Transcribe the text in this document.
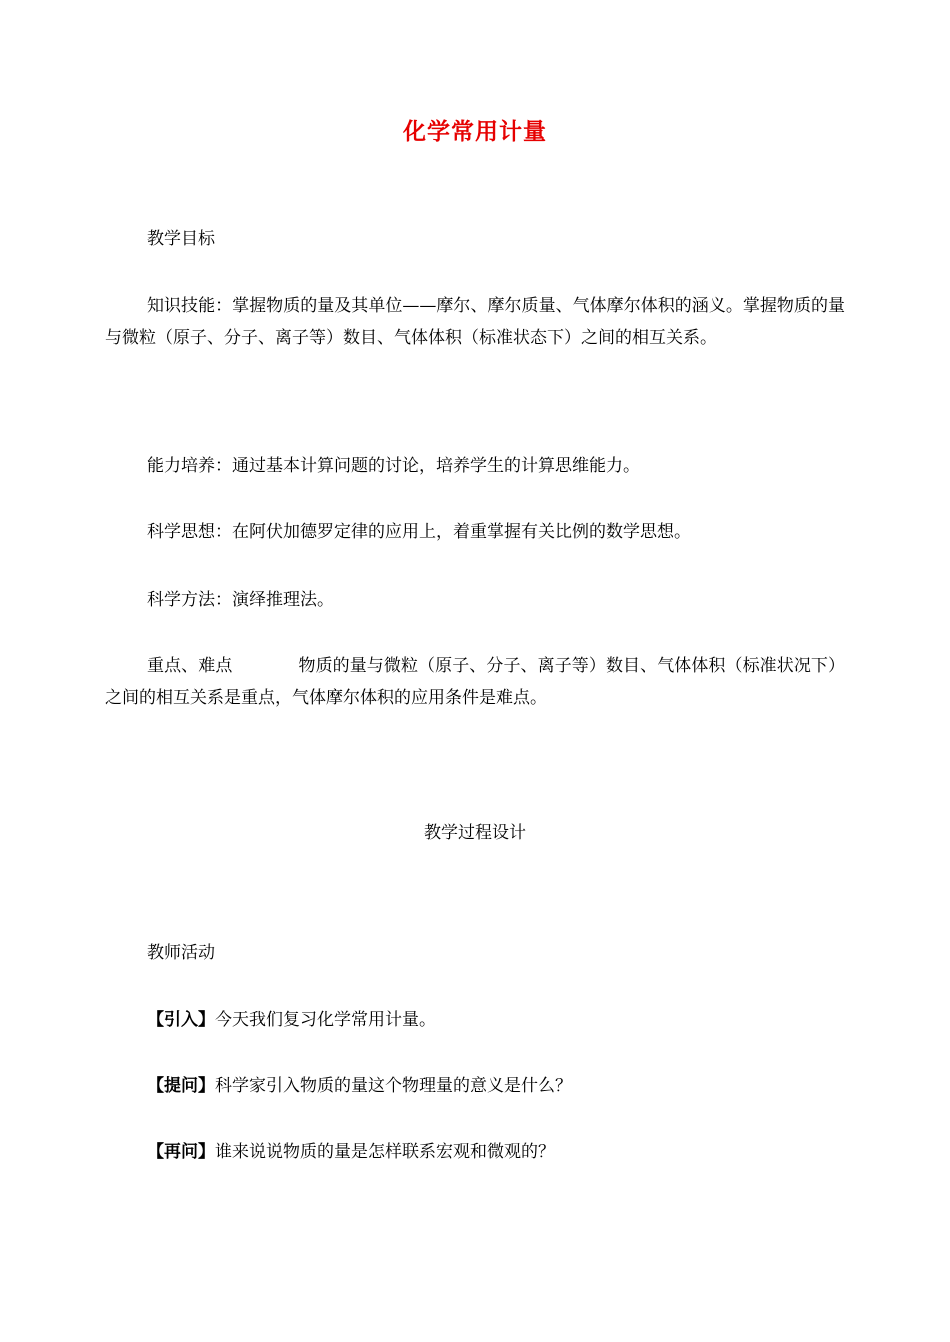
化学常用计量

教学目标

知识技能：掌握物质的量及其单位——摩尔、摩尔质量、气体摩尔体积的涵义。掌握物质的量与微粒（原子、分子、离子等）数目、气体体积（标准状态下）之间的相互关系。

能力培养：通过基本计算问题的讨论，培养学生的计算思维能力。

科学思想：在阿伏加德罗定律的应用上，着重掌握有关比例的数学思想。

科学方法：演绎推理法。

重点、难点	物质的量与微粒（原子、分子、离子等）数目、气体体积（标准状况下）之间的相互关系是重点，气体摩尔体积的应用条件是难点。

教学过程设计

教师活动

【引入】今天我们复习化学常用计量。

【提问】科学家引入物质的量这个物理量的意义是什么？

【再问】谁来说说物质的量是怎样联系宏观和微观的？
